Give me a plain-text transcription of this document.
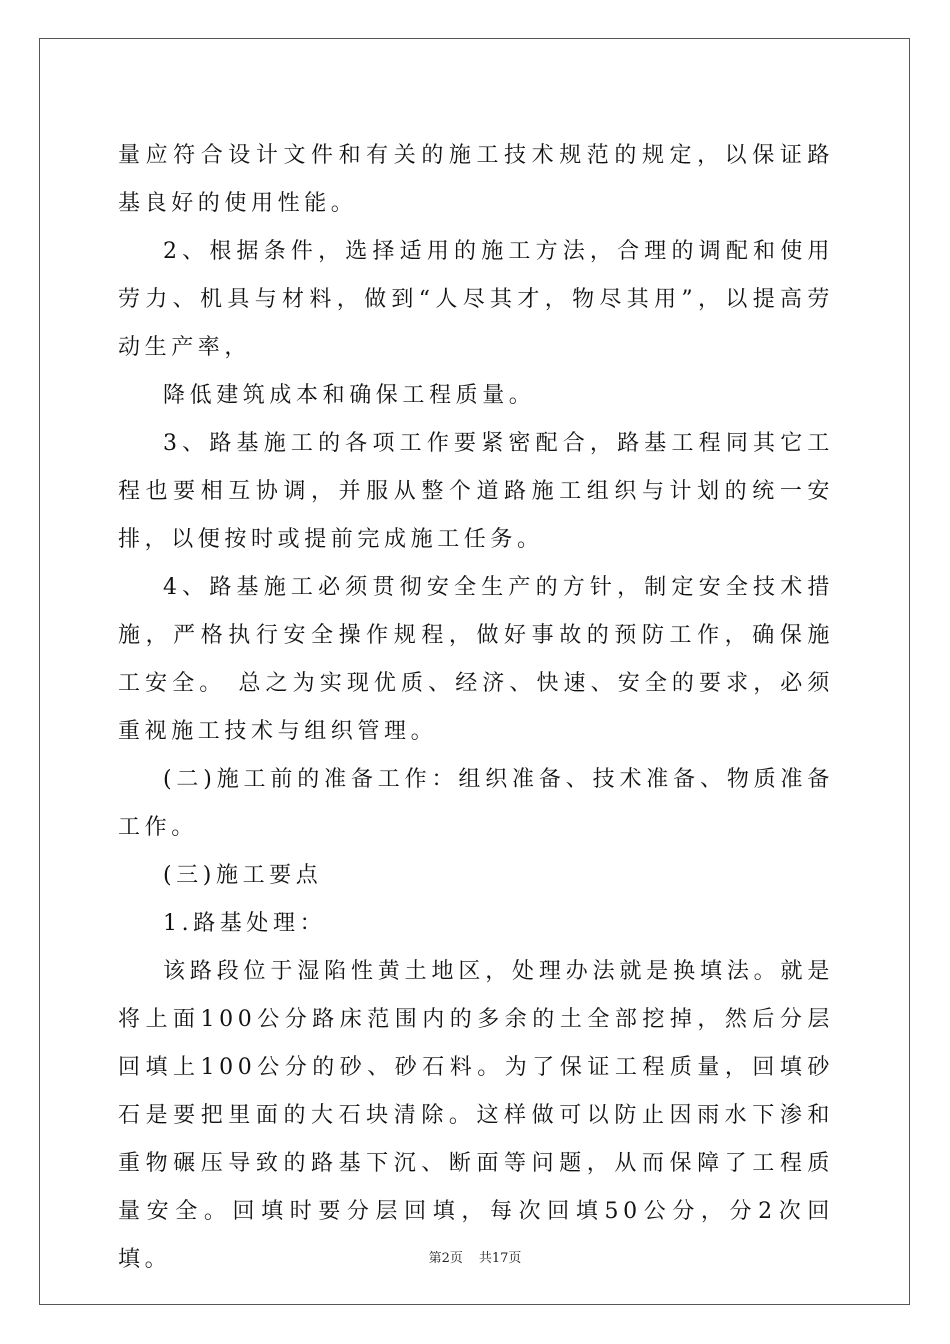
量应符合设计文件和有关的施工技术规范的规定，以保证路基良好的使用性能。

2、根据条件，选择适用的施工方法，合理的调配和使用劳力、机具与材料，做到“人尽其才，物尽其用”，以提高劳动生产率，

降低建筑成本和确保工程质量。

3、路基施工的各项工作要紧密配合，路基工程同其它工程也要相互协调，并服从整个道路施工组织与计划的统一安排，以便按时或提前完成施工任务。

4、路基施工必须贯彻安全生产的方针，制定安全技术措施，严格执行安全操作规程，做好事故的预防工作，确保施工安全。 总之为实现优质、经济、快速、安全的要求，必须重视施工技术与组织管理。

(二)施工前的准备工作：组织准备、技术准备、物质准备工作。

(三)施工要点

1.路基处理：

该路段位于湿陷性黄土地区，处理办法就是换填法。就是将上面100公分路床范围内的多余的土全部挖掉，然后分层回填上100公分的砂、砂石料。为了保证工程质量，回填砂石是要把里面的大石块清除。这样做可以防止因雨水下渗和重物碾压导致的路基下沉、断面等问题，从而保障了工程质量安全。回填时要分层回填，每次回填50公分，分2次回填。	第2页 共17页
